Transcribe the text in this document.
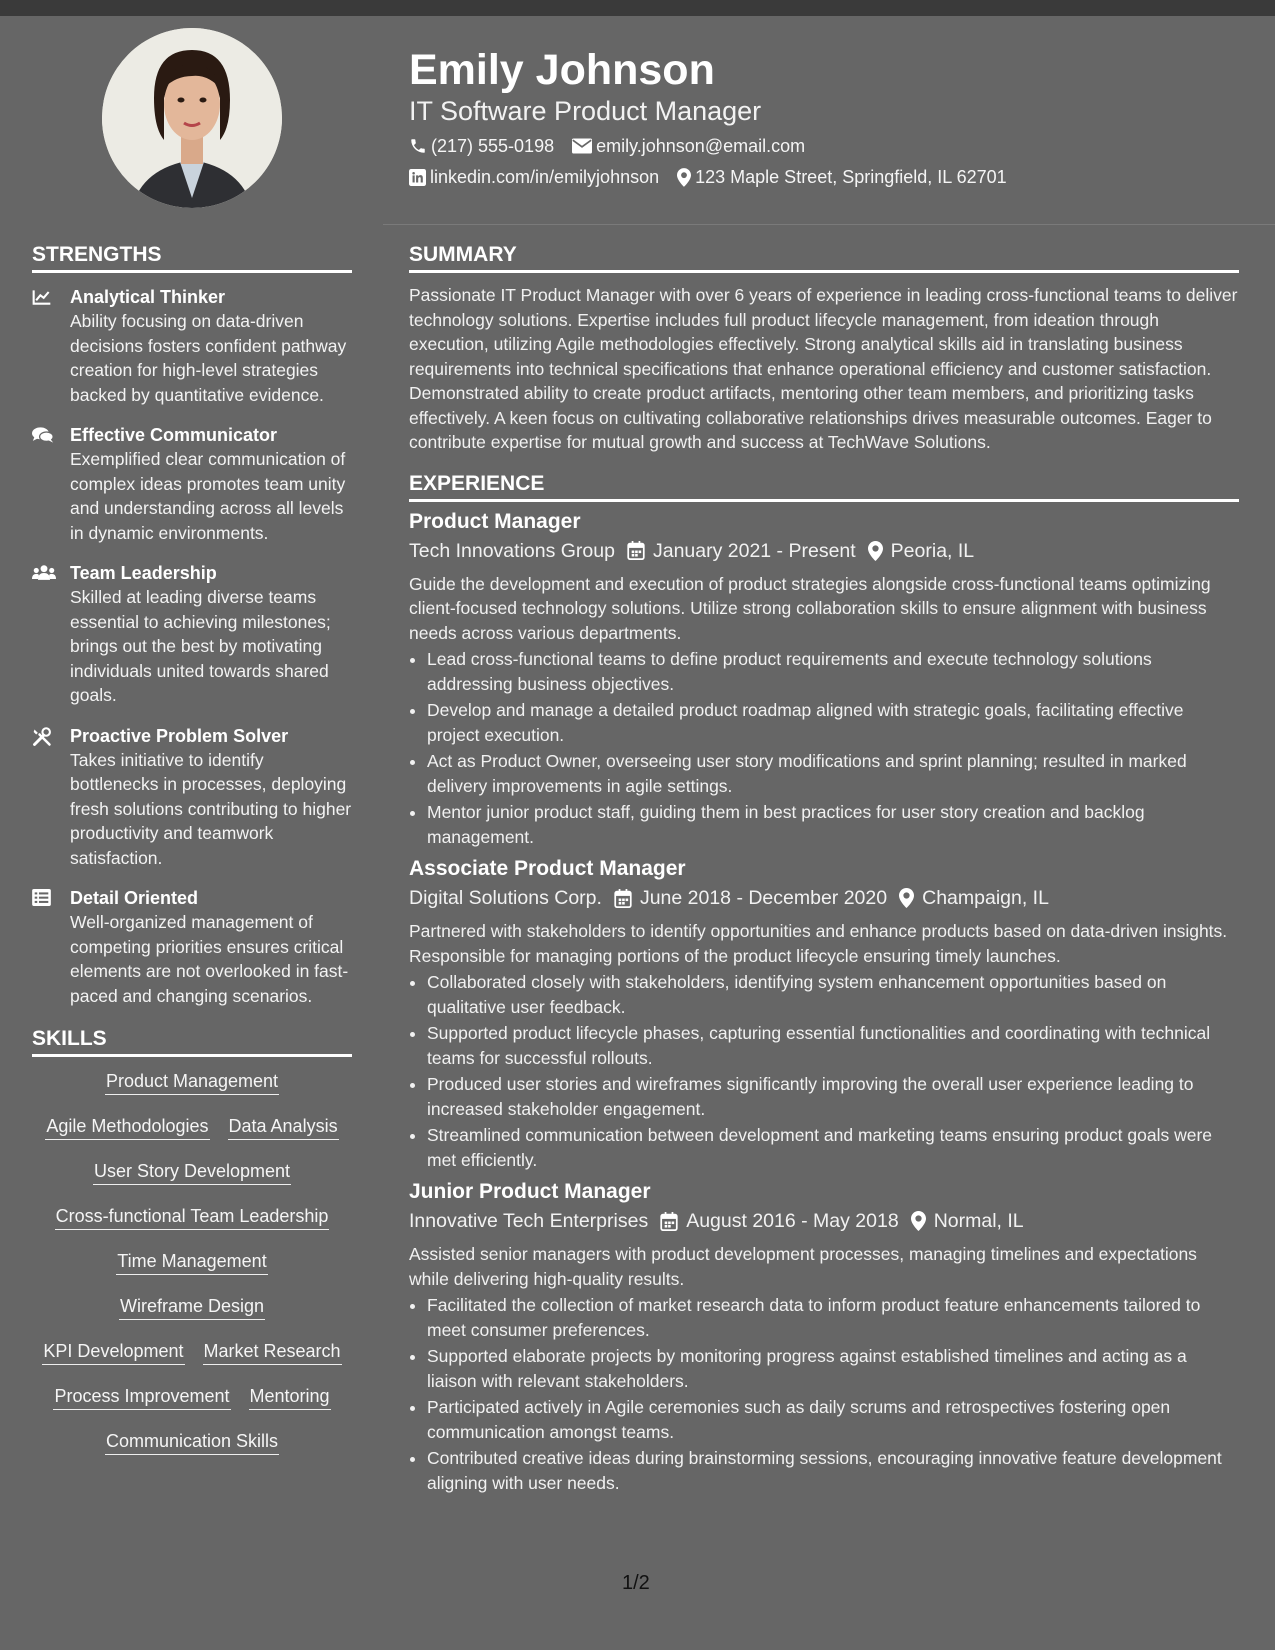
Emily Johnson
IT Software Product Manager
(217) 555-0198 emily.johnson@email.com
linkedin.com/in/emilyjohnson 123 Maple Street, Springfield, IL 62701
STRENGTHS
Analytical Thinker
Ability focusing on data-driven decisions fosters confident pathway creation for high-level strategies backed by quantitative evidence.
Effective Communicator
Exemplified clear communication of complex ideas promotes team unity and understanding across all levels in dynamic environments.
Team Leadership
Skilled at leading diverse teams essential to achieving milestones; brings out the best by motivating individuals united towards shared goals.
Proactive Problem Solver
Takes initiative to identify bottlenecks in processes, deploying fresh solutions contributing to higher productivity and teamwork satisfaction.
Detail Oriented
Well-organized management of competing priorities ensures critical elements are not overlooked in fast-paced and changing scenarios.
SKILLS
Product Management
Agile Methodologies Data Analysis
User Story Development
Cross-functional Team Leadership
Time Management
Wireframe Design
KPI Development Market Research
Process Improvement Mentoring
Communication Skills
SUMMARY

Passionate IT Product Manager with over 6 years of experience in leading cross-functional teams to deliver technology solutions. Expertise includes full product lifecycle management, from ideation through execution, utilizing Agile methodologies effectively. Strong analytical skills aid in translating business requirements into technical specifications that enhance operational efficiency and customer satisfaction. Demonstrated ability to create product artifacts, mentoring other team members, and prioritizing tasks effectively. A keen focus on cultivating collaborative relationships drives measurable outcomes. Eager to contribute expertise for mutual growth and success at TechWave Solutions.

EXPERIENCE
Product Manager
Tech Innovations Group January 2021 - Present Peoria, IL
Guide the development and execution of product strategies alongside cross-functional teams optimizing client-focused technology solutions. Utilize strong collaboration skills to ensure alignment with business needs across various departments.
• Lead cross-functional teams to define product requirements and execute technology solutions addressing business objectives.
• Develop and manage a detailed product roadmap aligned with strategic goals, facilitating effective project execution.
• Act as Product Owner, overseeing user story modifications and sprint planning; resulted in marked delivery improvements in agile settings.
• Mentor junior product staff, guiding them in best practices for user story creation and backlog management.
Associate Product Manager
Digital Solutions Corp. June 2018 - December 2020 Champaign, IL
Partnered with stakeholders to identify opportunities and enhance products based on data-driven insights. Responsible for managing portions of the product lifecycle ensuring timely launches.
• Collaborated closely with stakeholders, identifying system enhancement opportunities based on qualitative user feedback.
• Supported product lifecycle phases, capturing essential functionalities and coordinating with technical teams for successful rollouts.
• Produced user stories and wireframes significantly improving the overall user experience leading to increased stakeholder engagement.
• Streamlined communication between development and marketing teams ensuring product goals were met efficiently.
Junior Product Manager
Innovative Tech Enterprises August 2016 - May 2018 Normal, IL
Assisted senior managers with product development processes, managing timelines and expectations while delivering high-quality results.
• Facilitated the collection of market research data to inform product feature enhancements tailored to meet consumer preferences.
• Supported elaborate projects by monitoring progress against established timelines and acting as a liaison with relevant stakeholders.
• Participated actively in Agile ceremonies such as daily scrums and retrospectives fostering open communication amongst teams.
• Contributed creative ideas during brainstorming sessions, encouraging innovative feature development aligning with user needs.
1/2
